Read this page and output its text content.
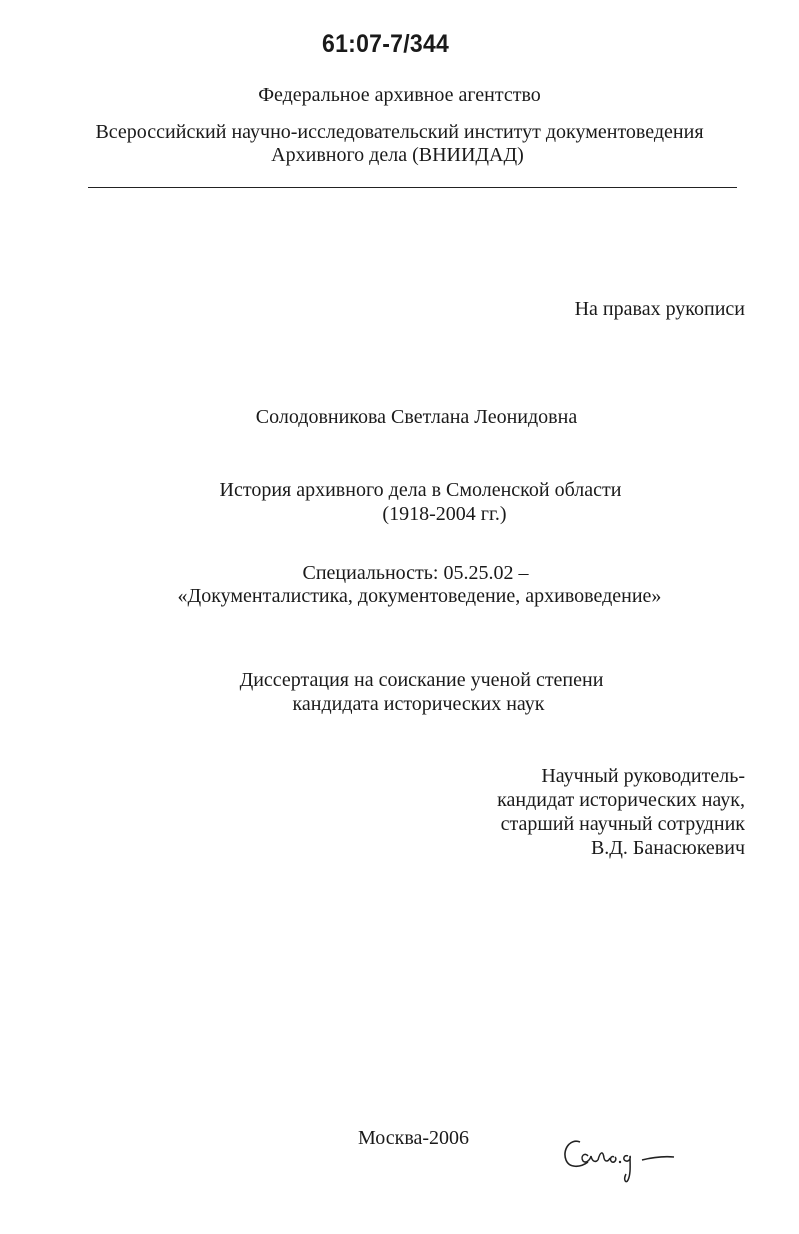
61:07-7/344
Федеральное архивное агентство
Всероссийский научно-исследовательский институт документоведения
Архивного дела (ВНИИДАД)
На правах рукописи
Солодовникова Светлана Леонидовна
История архивного дела в Смоленской области
(1918-2004 гг.)
Специальность: 05.25.02 –
«Документалистика, документоведение, архивоведение»
Диссертация на соискание ученой степени
кандидата исторических наук
Научный руководитель-
кандидат исторических наук,
старший научный сотрудник
В.Д. Банасюкевич
Москва-2006
